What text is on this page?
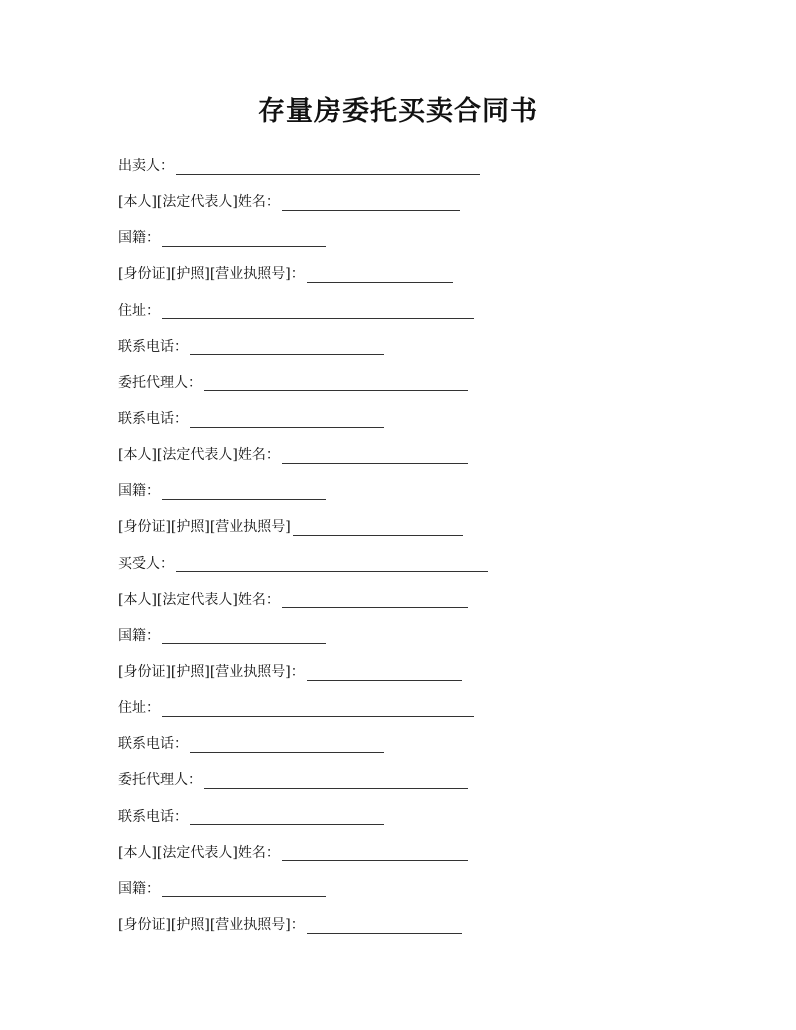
存量房委托买卖合同书
出卖人：
[本人][法定代表人]姓名：
国籍：
[身份证][护照][营业执照号]：
住址：
联系电话：
委托代理人：
联系电话：
[本人][法定代表人]姓名：
国籍：
[身份证][护照][营业执照号]
买受人：
[本人][法定代表人]姓名：
国籍：
[身份证][护照][营业执照号]：
住址：
联系电话：
委托代理人：
联系电话：
[本人][法定代表人]姓名：
国籍：
[身份证][护照][营业执照号]：
